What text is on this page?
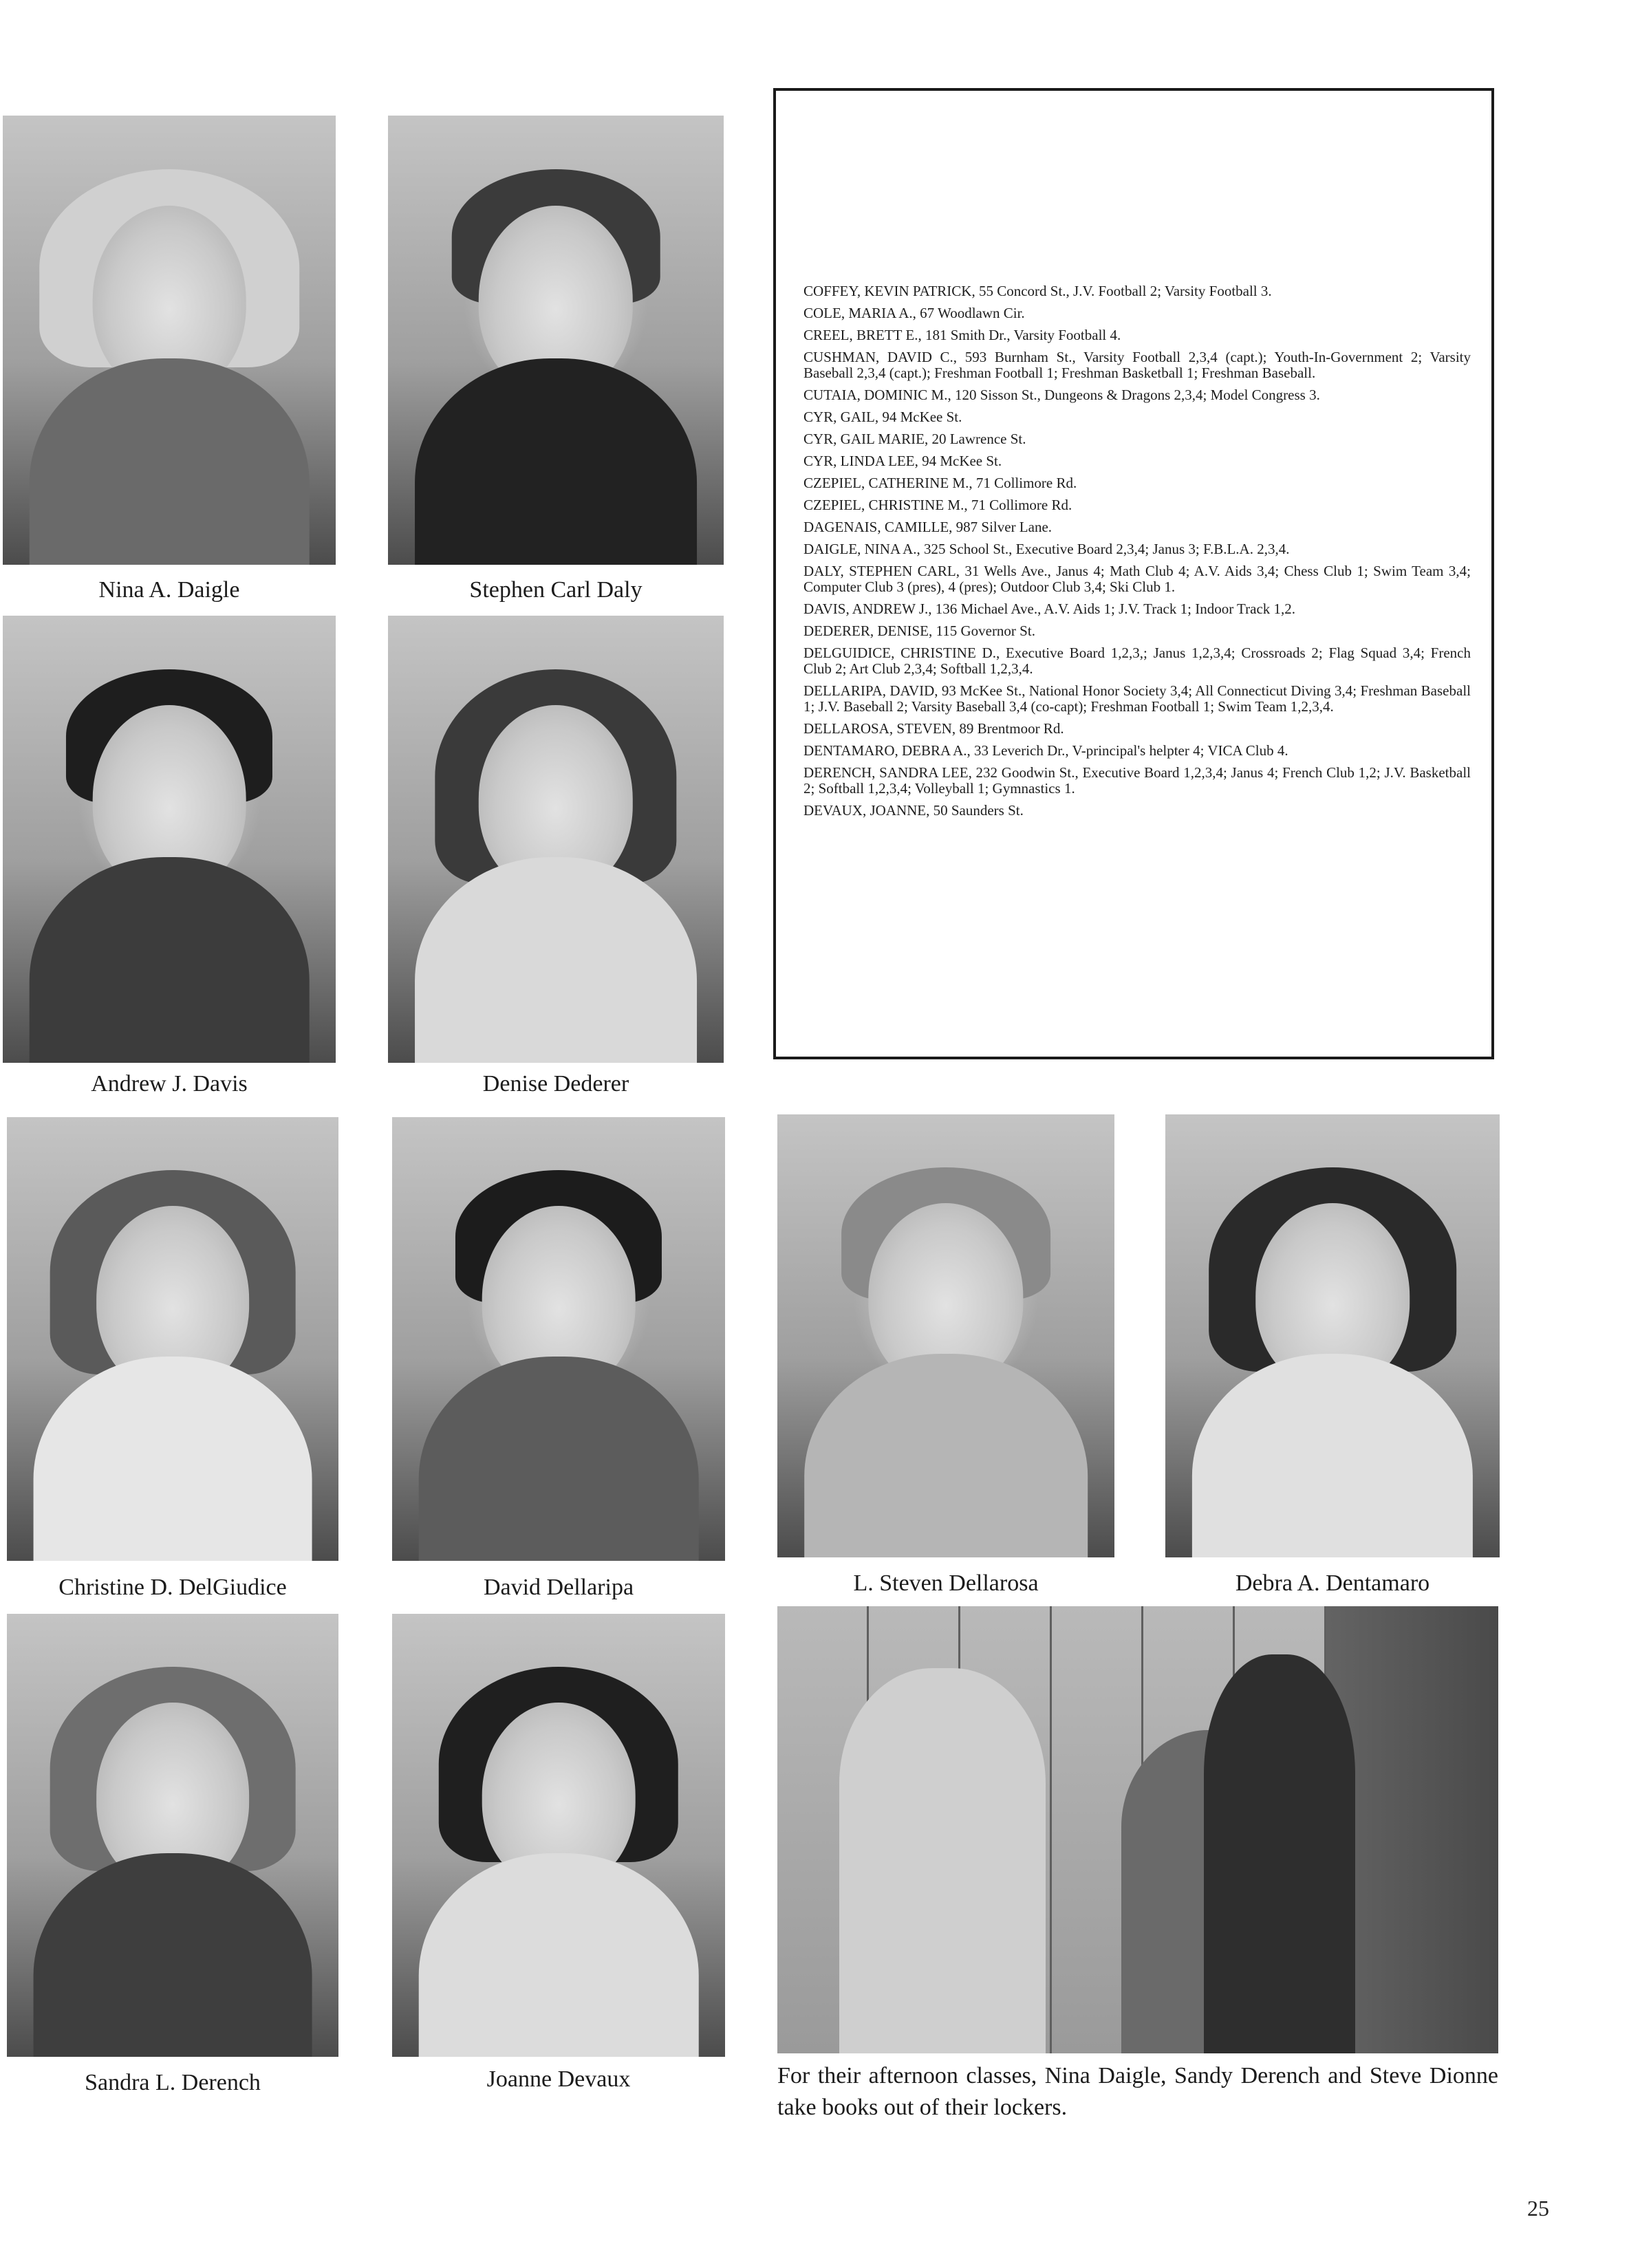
Nina A. Daigle	Stephen Carl Daly
Andrew J. Davis	Denise Dederer
COFFEY, KEVIN PATRICK, 55 Concord St., J.V. Football 2; Varsity Football 3.
COLE, MARIA A., 67 Woodlawn Cir.
CREEL, BRETT E., 181 Smith Dr., Varsity Football 4.
CUSHMAN, DAVID C., 593 Burnham St., Varsity Football 2,3,4 (capt.); Youth-In-Government 2; Varsity Baseball 2,3,4 (capt.); Freshman Football 1; Freshman Basketball 1; Freshman Baseball.
CUTAIA, DOMINIC M., 120 Sisson St., Dungeons & Dragons 2,3,4; Model Congress 3.
CYR, GAIL, 94 McKee St.
CYR, GAIL MARIE, 20 Lawrence St.
CYR, LINDA LEE, 94 McKee St.
CZEPIEL, CATHERINE M., 71 Collimore Rd.
CZEPIEL, CHRISTINE M., 71 Collimore Rd.
DAGENAIS, CAMILLE, 987 Silver Lane.
DAIGLE, NINA A., 325 School St., Executive Board 2,3,4; Janus 3; F.B.L.A. 2,3,4.
DALY, STEPHEN CARL, 31 Wells Ave., Janus 4; Math Club 4; A.V. Aids 3,4; Chess Club 1; Swim Team 3,4; Computer Club 3 (pres), 4 (pres); Outdoor Club 3,4; Ski Club 1.
DAVIS, ANDREW J., 136 Michael Ave., A.V. Aids 1; J.V. Track 1; Indoor Track 1,2.
DEDERER, DENISE, 115 Governor St.
DELGUIDICE, CHRISTINE D., Executive Board 1,2,3,; Janus 1,2,3,4; Crossroads 2; Flag Squad 3,4; French Club 2; Art Club 2,3,4; Softball 1,2,3,4.
DELLARIPA, DAVID, 93 McKee St., National Honor Society 3,4; All Connecticut Diving 3,4; Freshman Baseball 1; J.V. Baseball 2; Varsity Baseball 3,4 (co-capt); Freshman Football 1; Swim Team 1,2,3,4.
DELLAROSA, STEVEN, 89 Brentmoor Rd.
DENTAMARO, DEBRA A., 33 Leverich Dr., V-principal's helpter 4; VICA Club 4.
DERENCH, SANDRA LEE, 232 Goodwin St., Executive Board 1,2,3,4; Janus 4; French Club 1,2; J.V. Basketball 2; Softball 1,2,3,4; Volleyball 1; Gymnastics 1.
DEVAUX, JOANNE, 50 Saunders St.
Christine D. DelGiudice	David Dellaripa	L. Steven Dellarosa	Debra A. Dentamaro
Sandra L. Derench	Joanne Devaux	For their afternoon classes, Nina Daigle, Sandy Derench and Steve Dionne take books out of their lockers.
25
